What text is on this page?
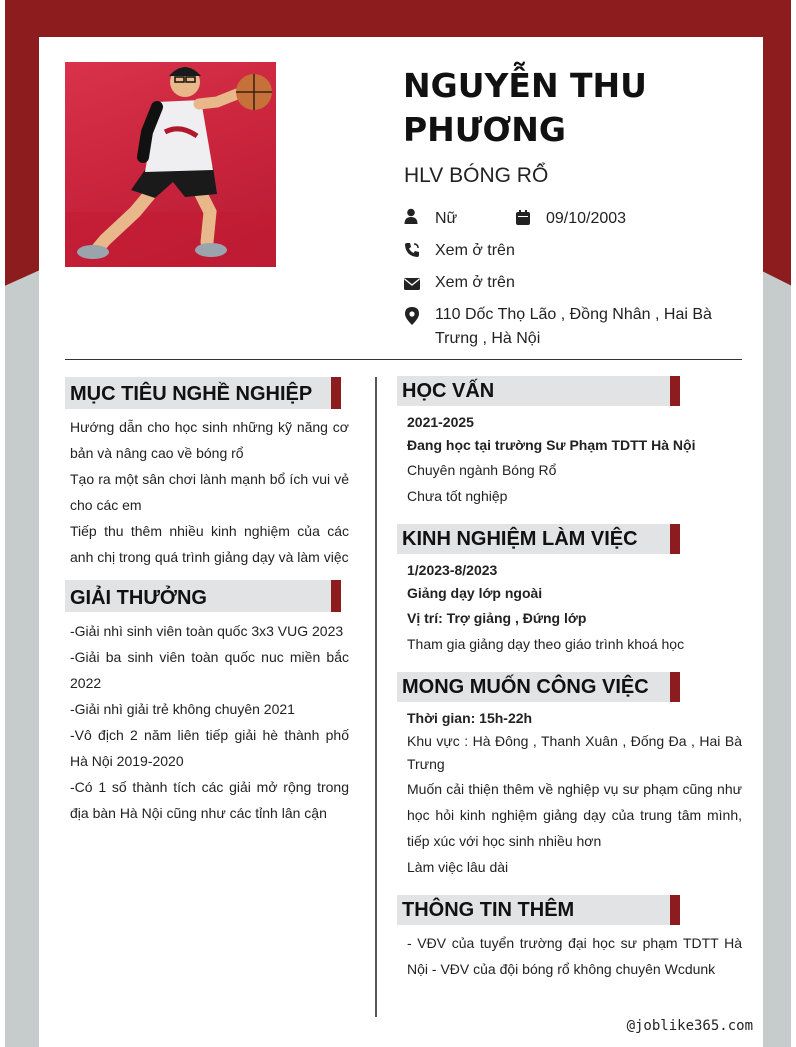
NGUYỄN THU PHƯƠNG
HLV BÓNG RỔ
Nữ	09/10/2003
Xem ở trên
Xem ở trên
110 Dốc Thọ Lão , Đồng Nhân , Hai Bà Trưng , Hà Nội
MỤC TIÊU NGHỀ NGHIỆP

Hướng dẫn cho học sinh những kỹ năng cơ bản và nâng cao về bóng rổ

Tạo ra một sân chơi lành mạnh bổ ích vui vẻ cho các em

Tiếp thu thêm nhiều kinh nghiệm của các anh chị trong quá trình giảng dạy và làm việc

GIẢI THƯỞNG

-Giải nhì sinh viên toàn quốc 3x3 VUG 2023

-Giải ba sinh viên toàn quốc nuc miền bắc 2022

-Giải nhì giải trẻ không chuyên 2021

-Vô địch 2 năm liên tiếp giải hè thành phố Hà Nội 2019-2020

-Có 1 số thành tích các giải mở rộng trong địa bàn Hà Nội cũng như các tỉnh lân cận

HỌC VẤN

2021-2025

Đang học tại trường Sư Phạm TDTT Hà Nội

Chuyên ngành Bóng Rổ

Chưa tốt nghiệp

KINH NGHIỆM LÀM VIỆC

1/2023-8/2023

Giảng dạy lớp ngoài

Vị trí: Trợ giảng , Đứng lớp

Tham gia giảng dạy theo giáo trình khoá học

MONG MUỐN CÔNG VIỆC

Thời gian: 15h-22h

Khu vực : Hà Đông , Thanh Xuân , Đống Đa , Hai Bà Trưng

Muốn cải thiện thêm về nghiệp vụ sư phạm cũng như học hỏi kinh nghiệm giảng dạy của trung tâm mình, tiếp xúc với học sinh nhiều hơn

Làm việc lâu dài

THÔNG TIN THÊM

- VĐV của tuyển trường đại học sư phạm TDTT Hà Nội - VĐV của đội bóng rổ không chuyên Wcdunk

@joblike365.com
